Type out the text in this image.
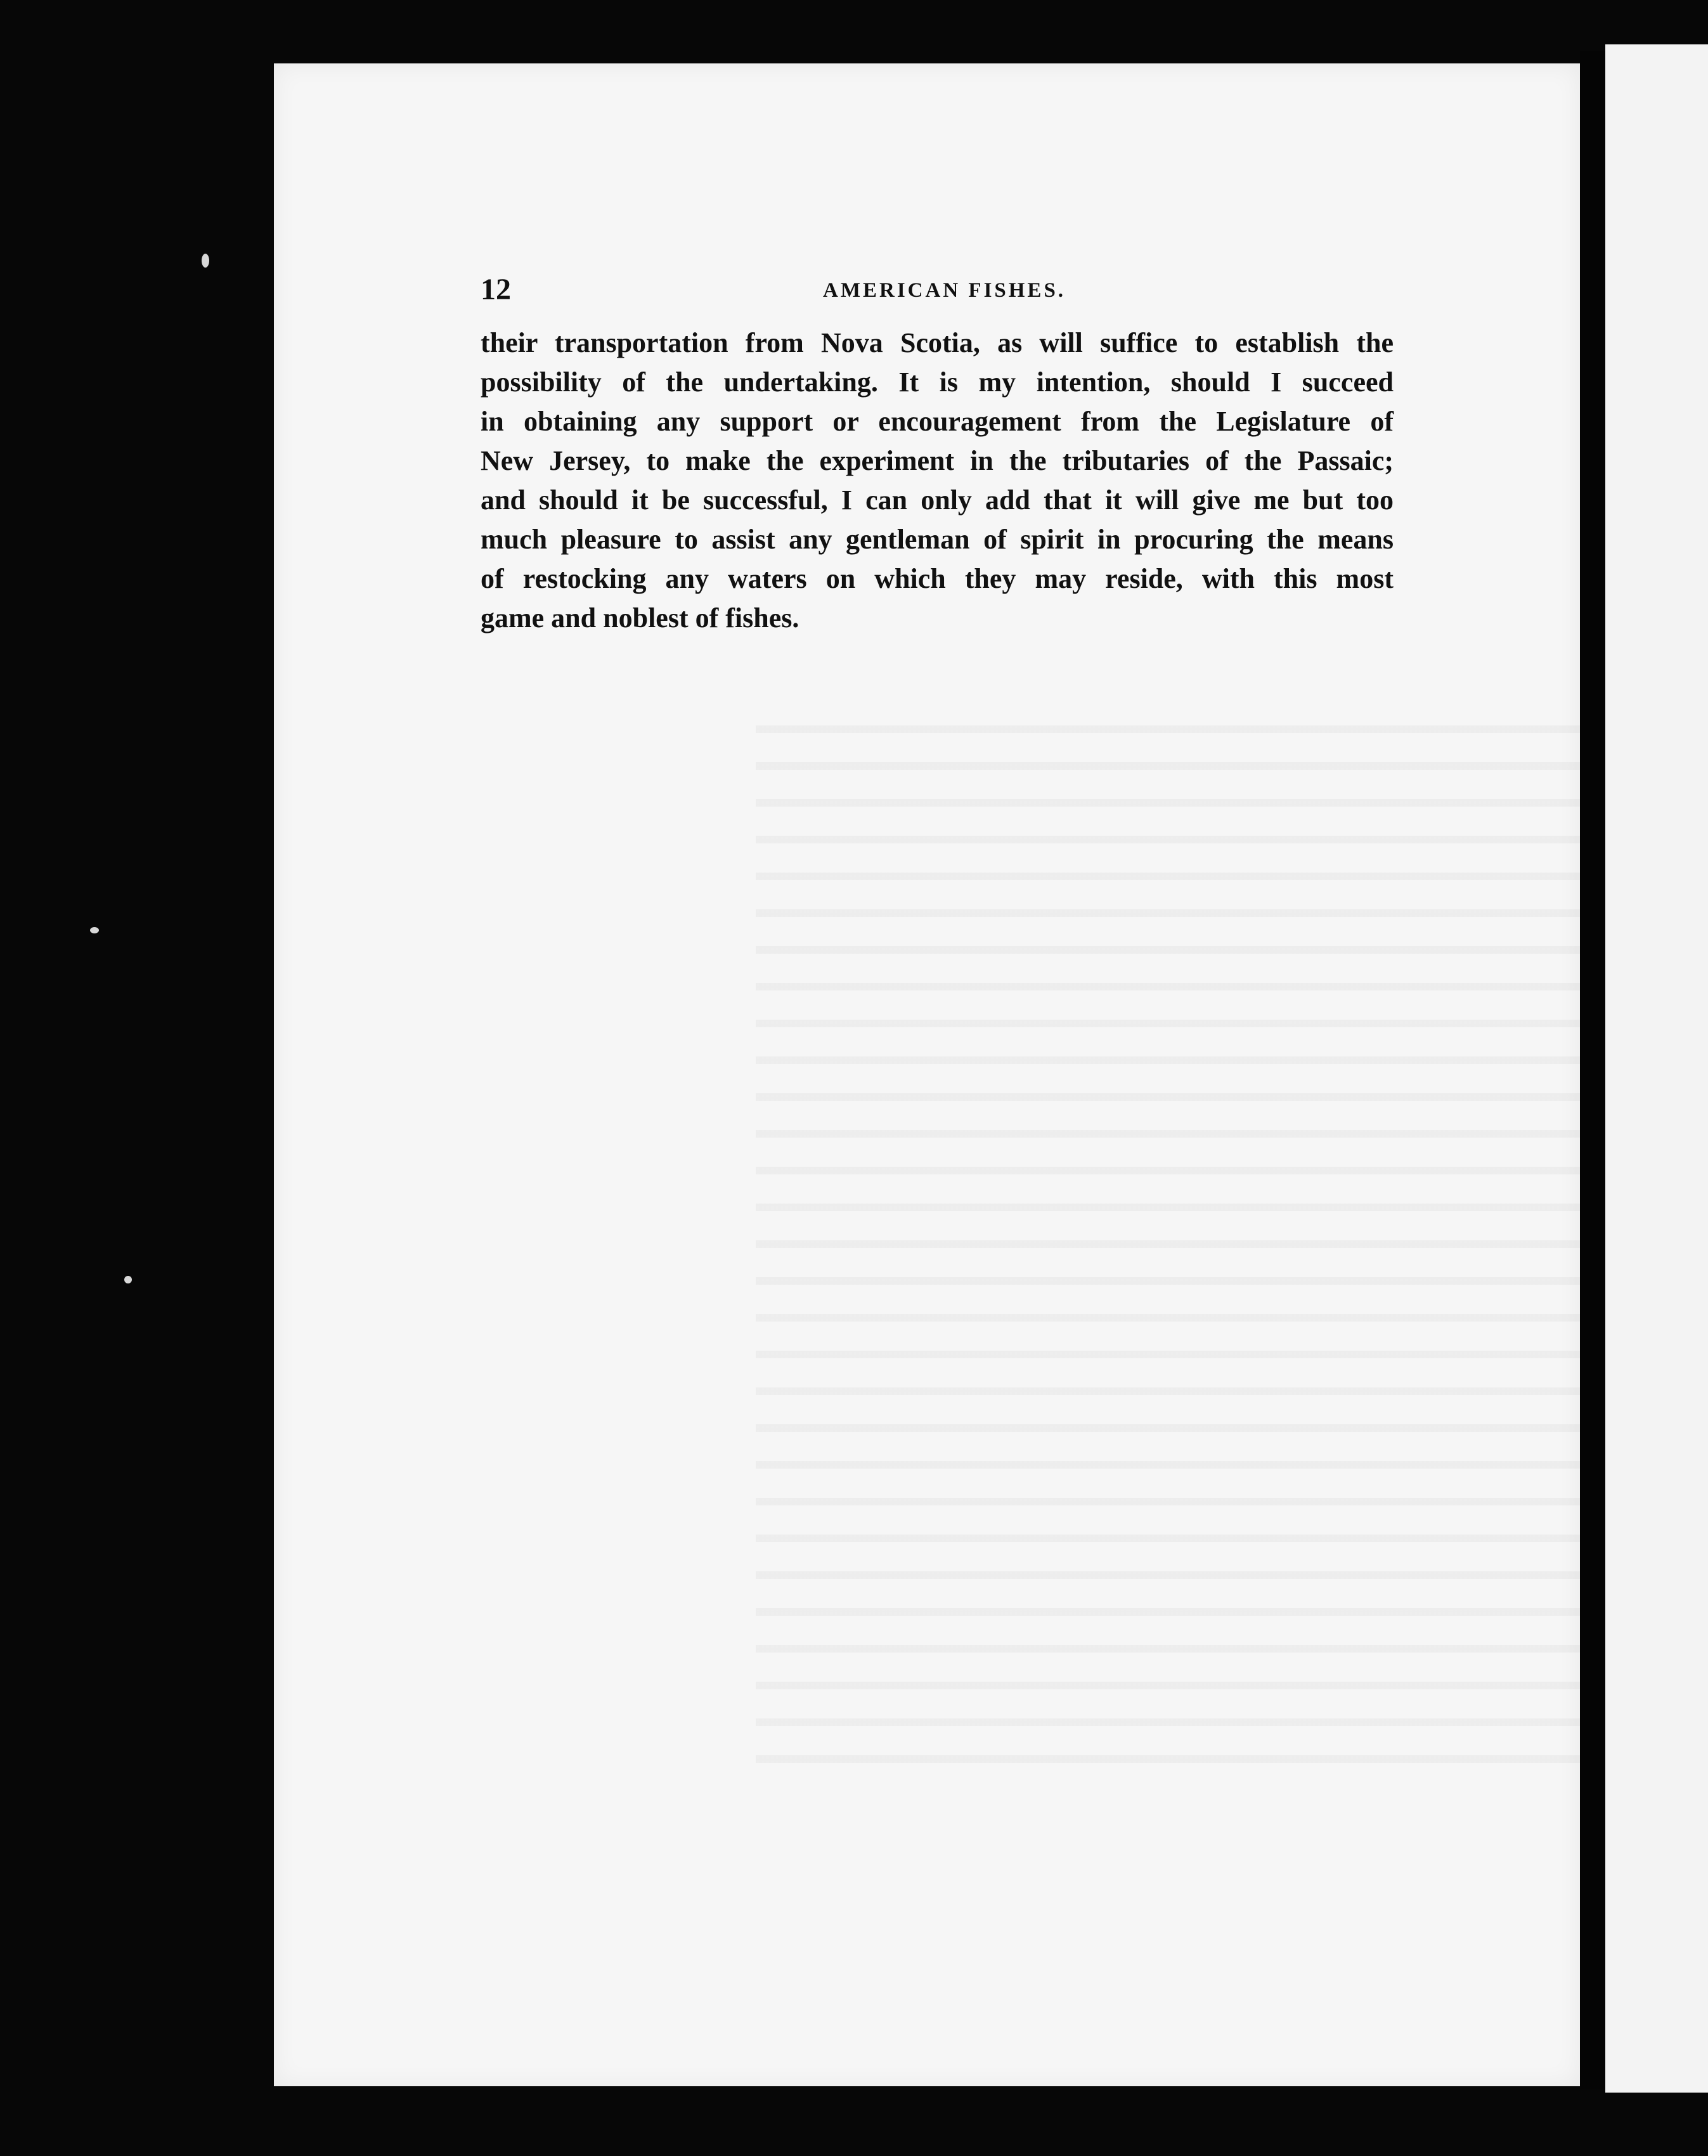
12	AMERICAN FISHES.
their transportation from Nova Scotia, as will suffice to establish the
possibility of the undertaking. It is my intention, should I succeed
in obtaining any support or encouragement from the Legislature of
New Jersey, to make the experiment in the tributaries of the Passaic;
and should it be successful, I can only add that it will give me but too
much pleasure to assist any gentleman of spirit in procuring the means
of restocking any waters on which they may reside, with this most
game and noblest of fishes.
